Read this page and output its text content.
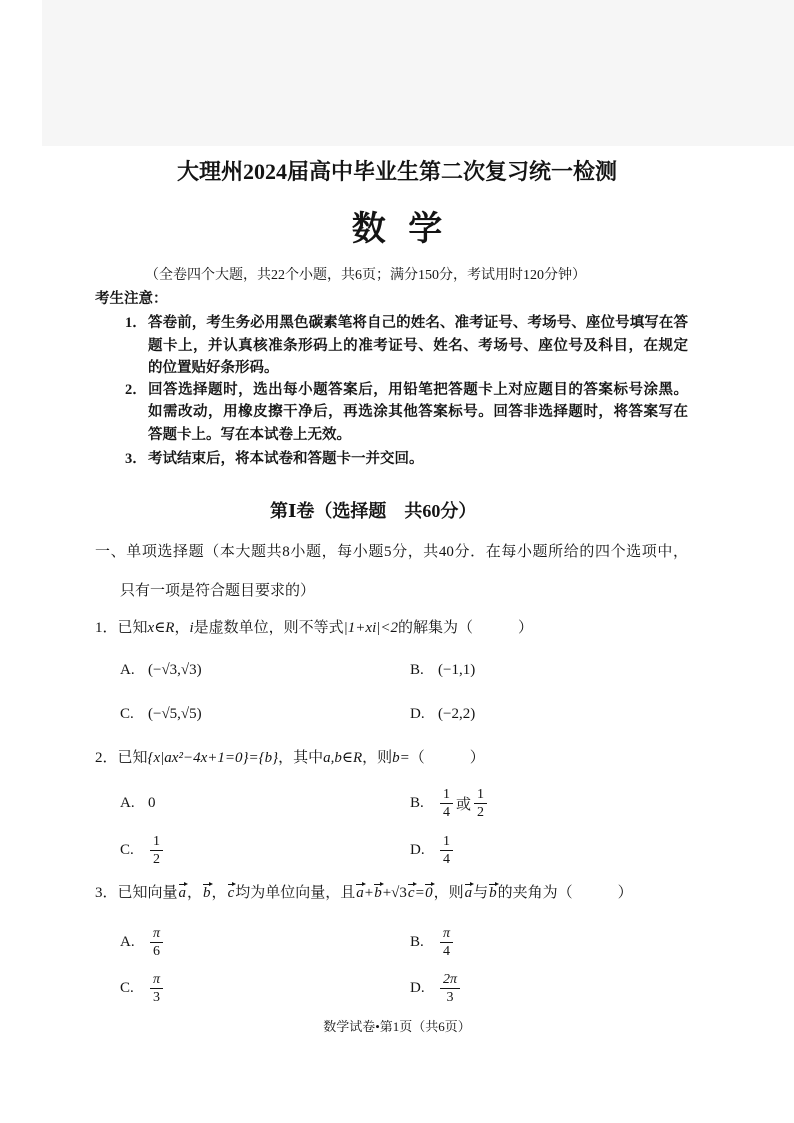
大理州2024届高中毕业生第二次复习统一检测
数 学
（全卷四个大题，共22个小题，共6页；满分150分，考试用时120分钟）
考生注意：
1． 答卷前，考生务必用黑色碳素笔将自己的姓名、准考证号、考场号、座位号填写在答
题卡上，并认真核准条形码上的准考证号、姓名、考场号、座位号及科目，在规定
的位置贴好条形码。
2． 回答选择题时，选出每小题答案后，用铅笔把答题卡上对应题目的答案标号涂黑。
如需改动，用橡皮擦干净后，再选涂其他答案标号。回答非选择题时，将答案写在
答题卡上。写在本试卷上无效。
3． 考试结束后，将本试卷和答题卡一并交回。
第Ⅰ卷（选择题　共60分）
一、单项选择题（本大题共8小题，每小题5分，共40分．在每小题所给的四个选项中，
只有一项是符合题目要求的）
1．已知x∈R，i是虚数单位，则不等式|1+xi|<2的解集为（　　　）
A. (−√3,√3)	B. (−1,1)
C. (−√5,√5)	D. (−2,2)
2．已知{x|ax²−4x+1=0}={b}，其中a,b∈R，则b=（　　　）
A. 0	B.	$\frac{1}{4}$ 或 $\frac{1}{2}$
C.	$\frac{1}{2}$	D.	$\frac{1}{4}$
3．已知向量a，b，c均为单位向量，且a+b+√3c=0，则a与b的夹角为（　　　）
A.	$\frac{\pi}{6}$	B.	$\frac{\pi}{4}$
C.	$\frac{\pi}{3}$	D.	$\frac{2\pi}{3}$
数学试卷•第1页（共6页）
